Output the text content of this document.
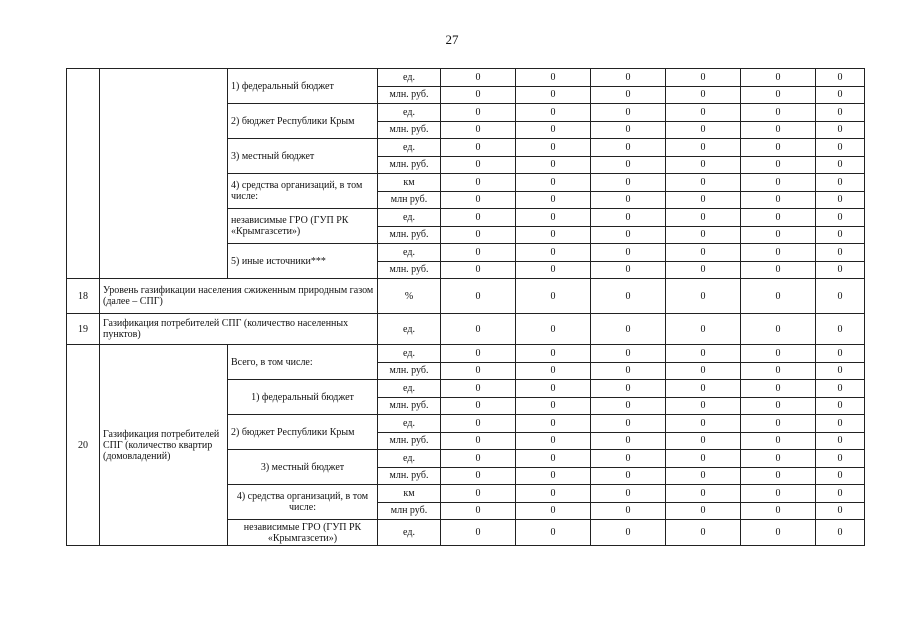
27
		1) федеральный бюджет	ед.	0	0	0	0	0	0
			млн. руб.	0	0	0	0	0	0
		2) бюджет Республики Крым	ед.	0	0	0	0	0	0
			млн. руб.	0	0	0	0	0	0
		3) местный бюджет	ед.	0	0	0	0	0	0
			млн. руб.	0	0	0	0	0	0
		4) средства организаций, в том числе:	км	0	0	0	0	0	0
			млн руб.	0	0	0	0	0	0
		независимые ГРО (ГУП РК «Крымгазсети»)	ед.	0	0	0	0	0	0
			млн. руб.	0	0	0	0	0	0
		5) иные источники***	ед.	0	0	0	0	0	0
			млн. руб.	0	0	0	0	0	0
18	Уровень газификации населения сжиженным природным газом (далее – СПГ)		%	0	0	0	0	0	0
19	Газификация потребителей СПГ (количество населенных пунктов)		ед.	0	0	0	0	0	0
20	Газификация потребителей СПГ (количество квартир (домовладений)	Всего, в том числе:	ед.	0	0	0	0	0	0
			млн. руб.	0	0	0	0	0	0
		1) федеральный бюджет	ед.	0	0	0	0	0	0
			млн. руб.	0	0	0	0	0	0
		2) бюджет Республики Крым	ед.	0	0	0	0	0	0
			млн. руб.	0	0	0	0	0	0
		3) местный бюджет	ед.	0	0	0	0	0	0
			млн. руб.	0	0	0	0	0	0
		4) средства организаций, в том числе:	км	0	0	0	0	0	0
			млн руб.	0	0	0	0	0	0
		независимые ГРО (ГУП РК «Крымгазсети»)	ед.	0	0	0	0	0	0
